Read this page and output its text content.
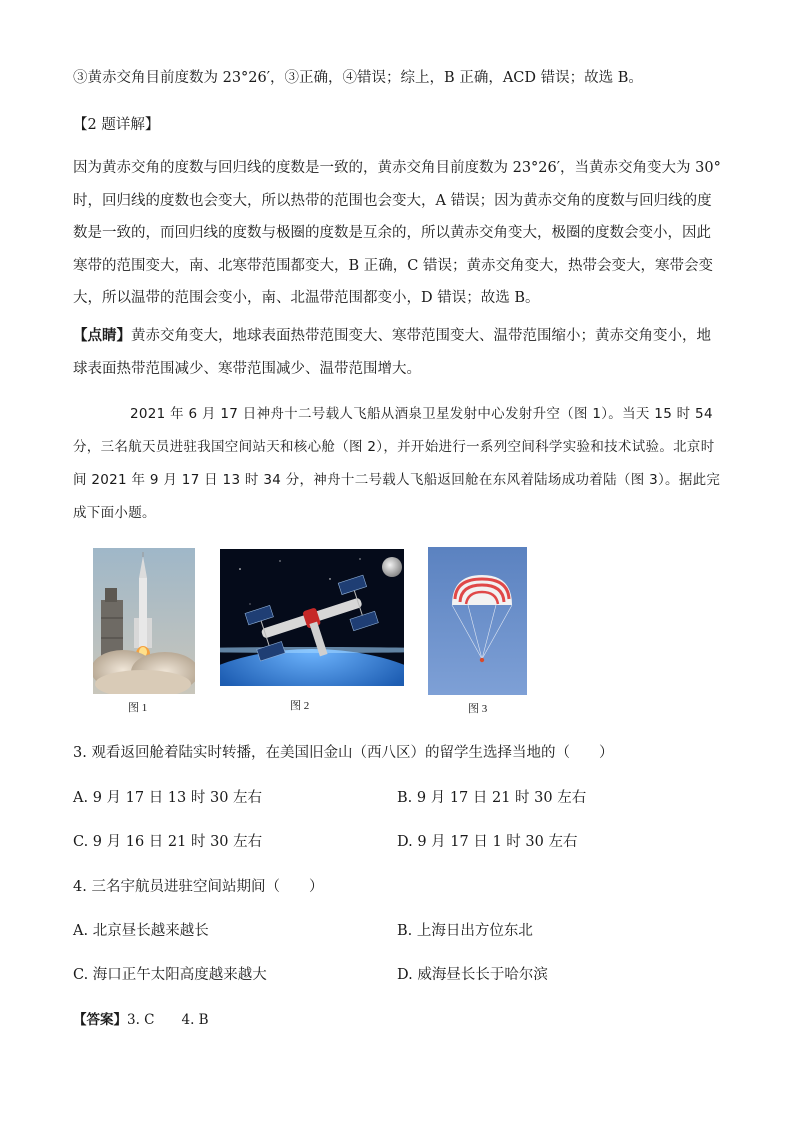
③黄赤交角目前度数为 23°26′，③正确，④错误；综上，B 正确，ACD 错误；故选 B。
【2 题详解】
因为黄赤交角的度数与回归线的度数是一致的，黄赤交角目前度数为 23°26′，当黄赤交角变大为 30°时，回归线的度数也会变大，所以热带的范围也会变大，A 错误；因为黄赤交角的度数与回归线的度数是一致的，而回归线的度数与极圈的度数是互余的，所以黄赤交角变大，极圈的度数会变小，因此寒带的范围变大，南、北寒带范围都变大，B 正确，C 错误；黄赤交角变大，热带会变大，寒带会变大，所以温带的范围会变小，南、北温带范围都变小，D 错误；故选 B。
【点睛】黄赤交角变大，地球表面热带范围变大、寒带范围变大、温带范围缩小；黄赤交角变小，地球表面热带范围减少、寒带范围减少、温带范围增大。
2021 年 6 月 17 日神舟十二号载人飞船从酒泉卫星发射中心发射升空（图 1）。当天 15 时 54 分，三名航天员进驻我国空间站天和核心舱（图 2），并开始进行一系列空间科学实验和技术试验。北京时间 2021 年 9 月 17 日 13 时 34 分，神舟十二号载人飞船返回舱在东风着陆场成功着陆（图 3）。据此完成下面小题。
图 1	图 2	图 3
3. 观看返回舱着陆实时转播，在美国旧金山（西八区）的留学生选择当地的（　　）
A. 9 月 17 日 13 时 30 左右	B. 9 月 17 日 21 时 30 左右
C. 9 月 16 日 21 时 30 左右	D. 9 月 17 日 1 时 30 左右
4. 三名宇航员进驻空间站期间（　　）
A. 北京昼长越来越长	B. 上海日出方位东北
C. 海口正午太阳高度越来越大	D. 威海昼长长于哈尔滨
【答案】3. C　　4. B
